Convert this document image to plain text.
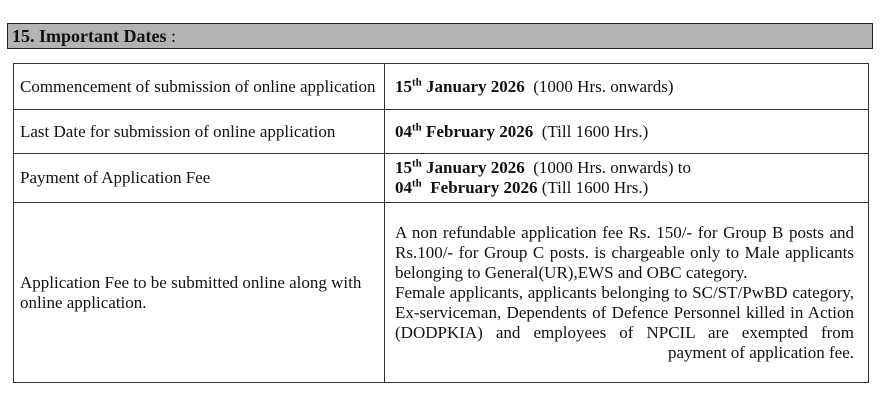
15. Important Dates :
Commencement of submission of online application	15th January 2026  (1000 Hrs. onwards)
Last Date for submission of online application	04th February 2026  (Till 1600 Hrs.)
Payment of Application Fee	15th January 2026  (1000 Hrs. onwards) to
04th  February 2026 (Till 1600 Hrs.)

Application Fee to be submitted online along with online application.	A non refundable application fee Rs. 150/- for Group B posts and Rs.100/- for Group C posts. is chargeable only to Male applicants belonging to General(UR),EWS and OBC category.
Female applicants, applicants belonging to SC/ST/PwBD category, Ex-serviceman, Dependents of Defence Personnel killed in Action (DODPKIA) and employees of NPCIL are exempted from payment of application fee.
